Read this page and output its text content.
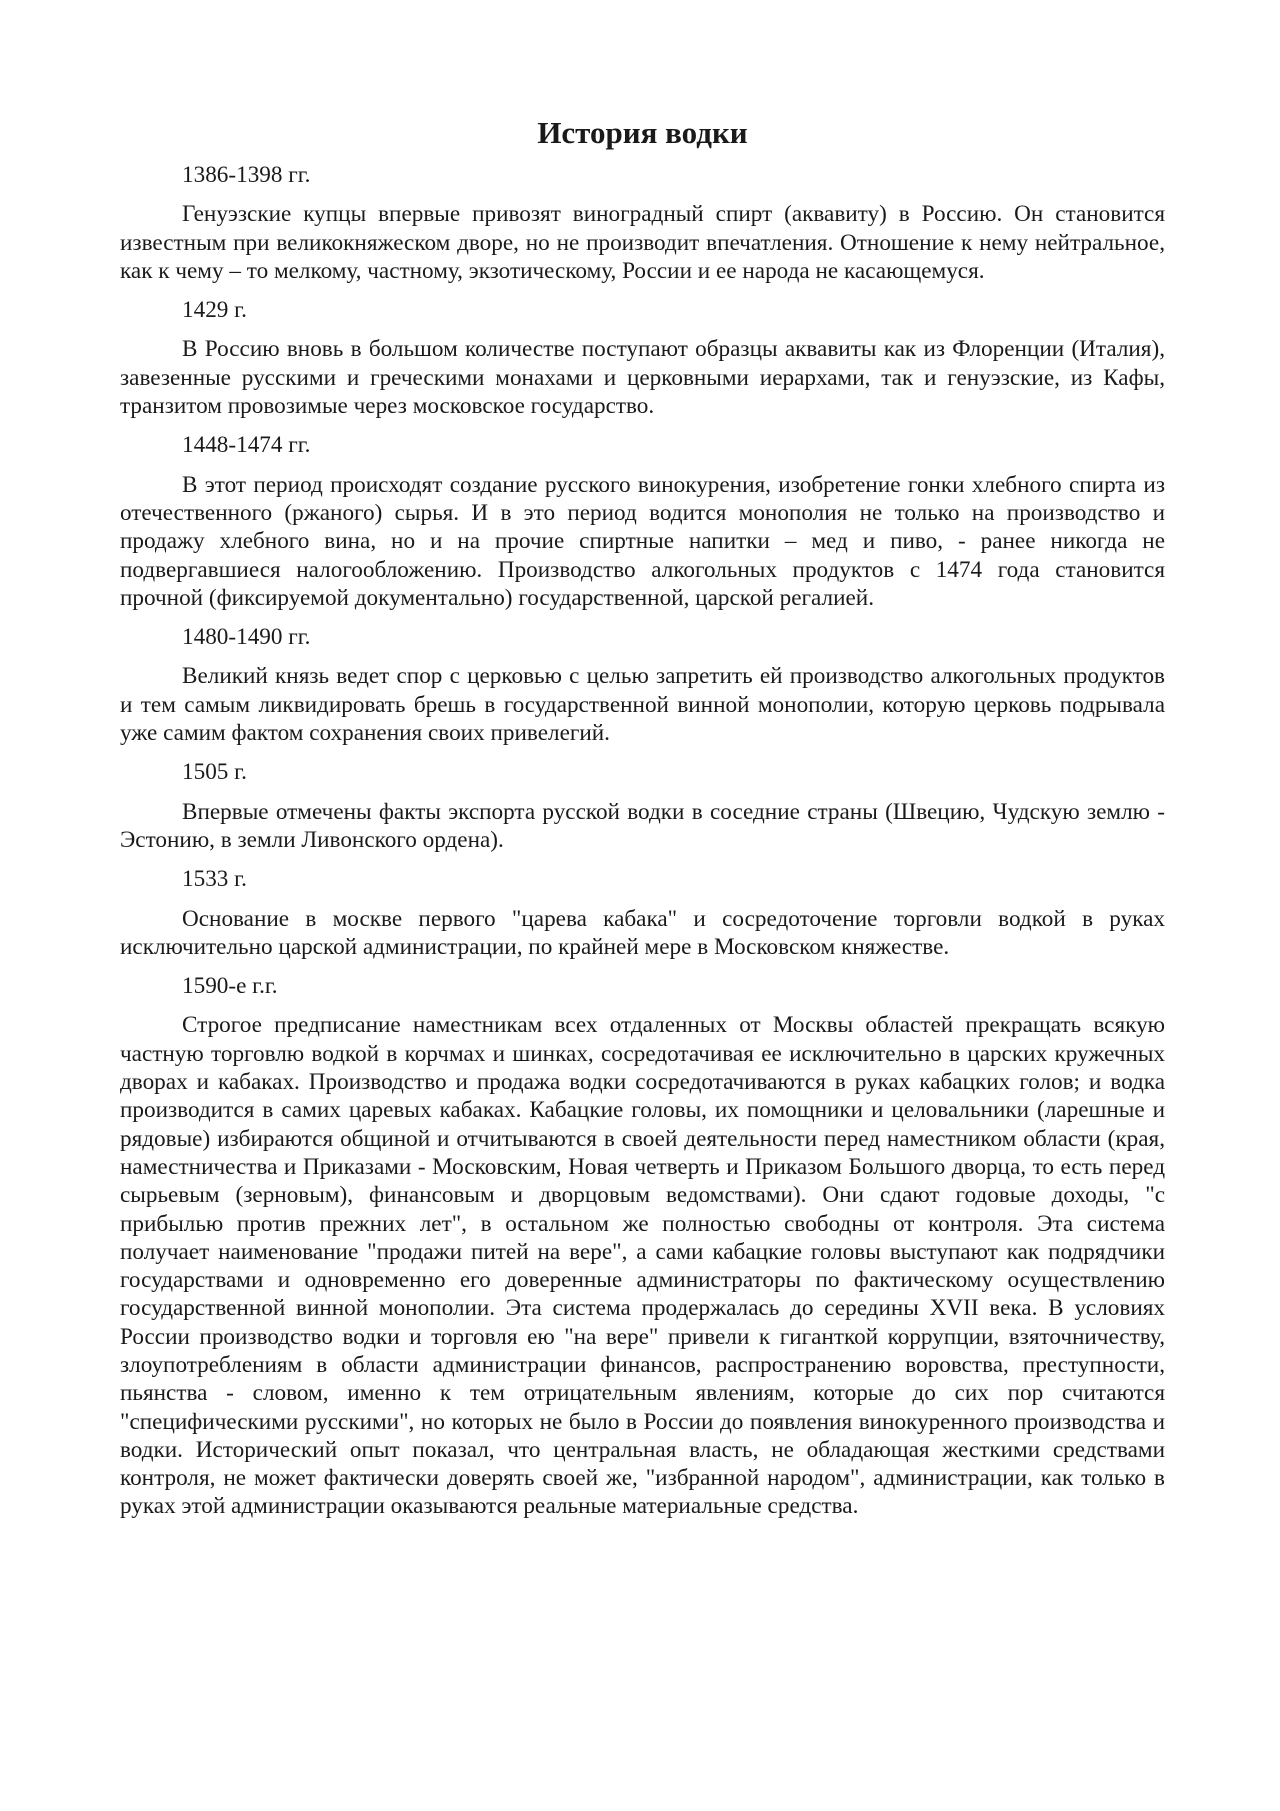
История водки
1386-1398 гг.
Генуэзские купцы впервые привозят виноградный спирт (аквавиту) в Россию. Он становится известным при великокняжеском дворе, но не производит впечатления. Отношение к нему нейтральное, как к чему – то мелкому, частному, экзотическому, России и ее народа не касающемуся.
1429 г.
В Россию вновь в большом количестве поступают образцы аквавиты как из Флоренции (Италия), завезенные русскими и греческими монахами и церковными иерархами, так и генуэзские, из Кафы, транзитом провозимые через московское государство.
1448-1474 гг.
В этот период происходят создание русского винокурения, изобретение гонки хлебного спирта из отечественного (ржаного) сырья. И в это период водится монополия не только на производство и продажу хлебного вина, но и на прочие спиртные напитки – мед и пиво, - ранее никогда не подвергавшиеся налогообложению. Производство алкогольных продуктов с 1474 года становится прочной (фиксируемой документально) государственной, царской регалией.
1480-1490 гг.
Великий князь ведет спор с церковью с целью запретить ей производство алкогольных продуктов и тем самым ликвидировать брешь в государственной винной монополии, которую церковь подрывала уже самим фактом сохранения своих привелегий.
1505 г.
Впервые отмечены факты экспорта русской водки в соседние страны (Швецию, Чудскую землю - Эстонию, в земли Ливонского ордена).
1533 г.
Основание в москве первого "царева кабака" и сосредоточение торговли водкой в руках исключительно царской администрации, по крайней мере в Московском княжестве.
1590-е г.г.
Строгое предписание наместникам всех отдаленных от Москвы областей прекращать всякую частную торговлю водкой в корчмах и шинках, сосредотачивая ее исключительно в царских кружечных дворах и кабаках. Производство и продажа водки сосредотачиваются в руках кабацких голов; и водка производится в самих царевых кабаках. Кабацкие головы, их помощники и целовальники (ларешные и рядовые) избираются общиной и отчитываются в своей деятельности перед наместником области (края, наместничества и Приказами - Московским, Новая четверть и Приказом Большого дворца, то есть перед сырьевым (зерновым), финансовым и дворцовым ведомствами). Они сдают годовые доходы, "с прибылью против прежних лет", в остальном же полностью свободны от контроля. Эта система получает наименование "продажи питей на вере", а сами кабацкие головы выступают как подрядчики государствами и одновременно его доверенные администраторы по фактическому осуществлению государственной винной монополии. Эта система продержалась до середины XVII века. В условиях России производство водки и торговля ею "на вере" привели к гиганткой коррупции, взяточничеству, злоупотреблениям в области администрации финансов, распространению воровства, преступности, пьянства - словом, именно к тем отрицательным явлениям, которые до сих пор считаются "специфическими русскими", но которых не было в России до появления винокуренного производства и водки. Исторический опыт показал, что центральная власть, не обладающая жесткими средствами контроля, не может фактически доверять своей же, "избранной народом", администрации, как только в руках этой администрации оказываются реальные материальные средства.
